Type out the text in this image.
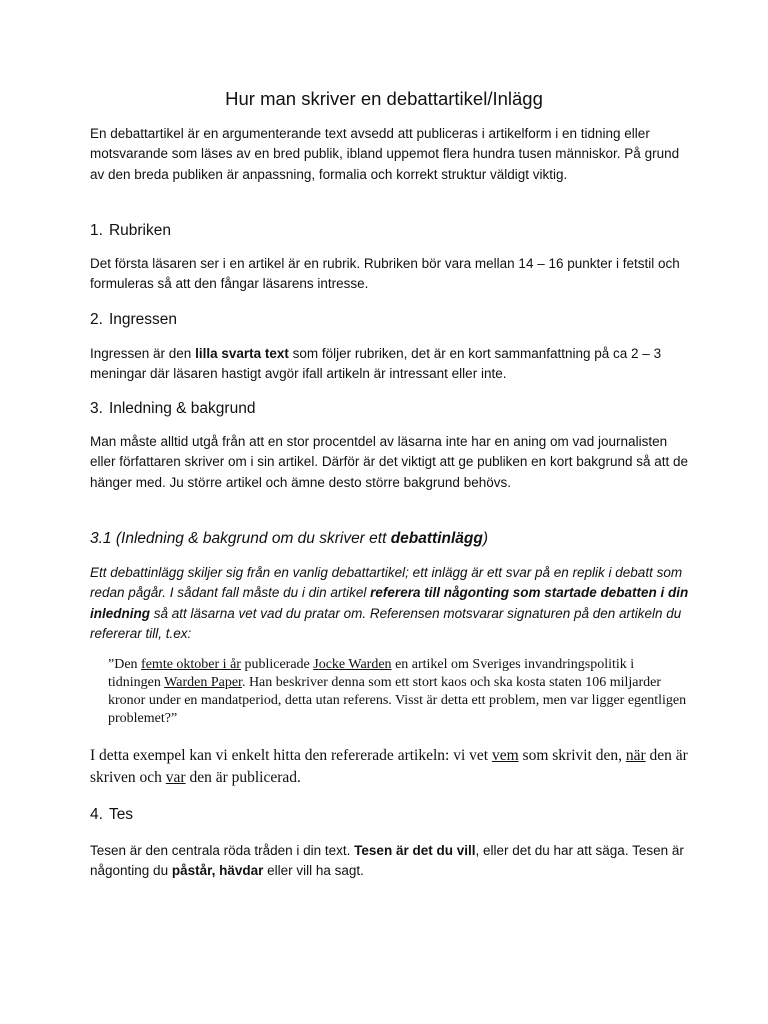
Hur man skriver en debattartikel/Inlägg

En debattartikel är en argumenterande text avsedd att publiceras i artikelform i en tidning eller motsvarande som läses av en bred publik, ibland uppemot flera hundra tusen människor. På grund av den breda publiken är anpassning, formalia och korrekt struktur väldigt viktig.

1. Rubriken

Det första läsaren ser i en artikel är en rubrik. Rubriken bör vara mellan 14 – 16 punkter i fetstil och formuleras så att den fångar läsarens intresse.

2. Ingressen

Ingressen är den lilla svarta text som följer rubriken, det är en kort sammanfattning på ca 2 – 3 meningar där läsaren hastigt avgör ifall artikeln är intressant eller inte.

3. Inledning & bakgrund

Man måste alltid utgå från att en stor procentdel av läsarna inte har en aning om vad journalisten eller författaren skriver om i sin artikel. Därför är det viktigt att ge publiken en kort bakgrund så att de hänger med. Ju större artikel och ämne desto större bakgrund behövs.

3.1 (Inledning & bakgrund om du skriver ett debattinlägg)

Ett debattinlägg skiljer sig från en vanlig debattartikel; ett inlägg är ett svar på en replik i debatt som redan pågår. I sådant fall måste du i din artikel referera till någonting som startade debatten i din inledning så att läsarna vet vad du pratar om. Referensen motsvarar signaturen på den artikeln du refererar till, t.ex:

”Den femte oktober i år publicerade Jocke Warden en artikel om Sveriges invandringspolitik i tidningen Warden Paper. Han beskriver denna som ett stort kaos och ska kosta staten 106 miljarder kronor under en mandatperiod, detta utan referens. Visst är detta ett problem, men var ligger egentligen problemet?”

I detta exempel kan vi enkelt hitta den refererade artikeln: vi vet vem som skrivit den, när den är skriven och var den är publicerad.

4. Tes

Tesen är den centrala röda tråden i din text. Tesen är det du vill, eller det du har att säga. Tesen är någonting du påstår, hävdar eller vill ha sagt.
